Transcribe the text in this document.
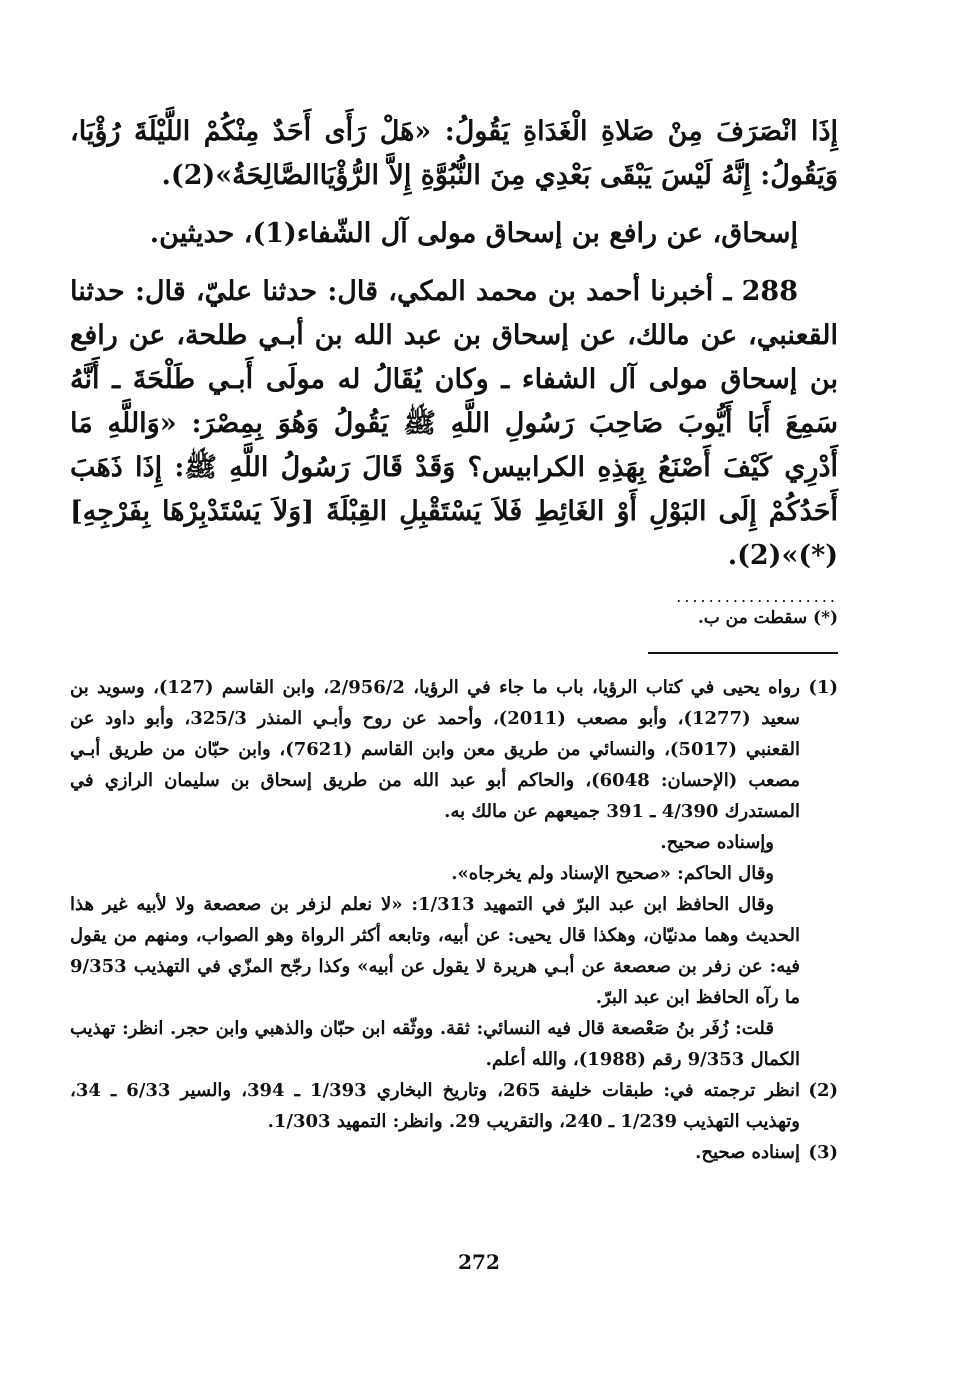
إِذَا انْصَرَفَ مِنْ صَلاةِ الْغَدَاةِ يَقُولُ: «هَلْ رَأَى أَحَدٌ مِنْكُمْ اللَّيْلَةَ رُؤْيَا، وَيَقُولُ: إِنَّهُ لَيْسَ يَبْقَى بَعْدِي مِنَ النُّبُوَّةِ إِلاَّ الرُّؤْيَاالصَّالِحَةُ»(2).

إسحاق، عن رافع بن إسحاق مولى آل الشّفاء(1)، حديثين.

288 ـ أخبرنا أحمد بن محمد المكي، قال: حدثنا عليّ، قال: حدثنا القعنبي، عن مالك، عن إسحاق بن عبد الله بن أبـي طلحة، عن رافع بن إسحاق مولى آل الشفاء ـ وكان يُقَالُ له مولَى أَبـي طَلْحَةَ ـ أَنَّهُ سَمِعَ أَبَا أَيُّوبَ صَاحِبَ رَسُولِ اللَّهِ ﷺ يَقُولُ وَهُوَ بِمِصْرَ: «وَاللَّهِ مَا أَدْرِي كَيْفَ أَصْنَعُ بِهَذِهِ الكرابيس؟ وَقَدْ قَالَ رَسُولُ اللَّهِ ﷺ: إِذَا ذَهَبَ أَحَدُكُمْ إِلَى البَوْلِ أَوْ الغَائِطِ فَلاَ يَسْتَقْبِلِ القِبْلَةَ [وَلاَ يَسْتَدْبِرْهَا بِفَرْجِهِ](*)»(2).

....................
(*) سقطت من ب.
(1)

رواه يحيى في كتاب الرؤيا، باب ما جاء في الرؤيا، 2/956/2، وابن القاسم (127)، وسويد بن سعيد (1277)، وأبو مصعب (2011)، وأحمد عن روح وأبـي المنذر 325/3، وأبو داود عن القعنبي (5017)، والنسائي من طريق معن وابن القاسم (7621)، وابن حبّان من طريق أبـي مصعب (الإحسان: 6048)، والحاكم أبو عبد الله من طريق إسحاق بن سليمان الرازي في المستدرك 4/390 ـ 391 جميعهم عن مالك به.

وإسناده صحيح.

وقال الحاكم: «صحيح الإسناد ولم يخرجاه».

وقال الحافظ ابن عبد البرّ في التمهيد 1/313: «لا نعلم لزفر بن صعصعة ولا لأبيه غير هذا الحديث وهما مدنيّان، وهكذا قال يحيى: عن أبيه، وتابعه أكثر الرواة وهو الصواب، ومنهم من يقول فيه: عن زفر بن صعصعة عن أبـي هريرة لا يقول عن أبيه» وكذا رجّح المزّي في التهذيب 9/353 ما رآه الحافظ ابن عبد البرّ.

قلت: زُفَر بنُ صَعْصعة قال فيه النسائي: ثقة. ووثّقه ابن حبّان والذهبي وابن حجر. انظر: تهذيب الكمال 9/353 رقم (1988)، والله أعلم.

(2)

انظر ترجمته في: طبقات خليفة 265، وتاريخ البخاري 1/393 ـ 394، والسير 6/33 ـ 34، وتهذيب التهذيب 1/239 ـ 240، والتقريب 29. وانظر: التمهيد 1/303.

(3)

إسناده صحيح.

272
